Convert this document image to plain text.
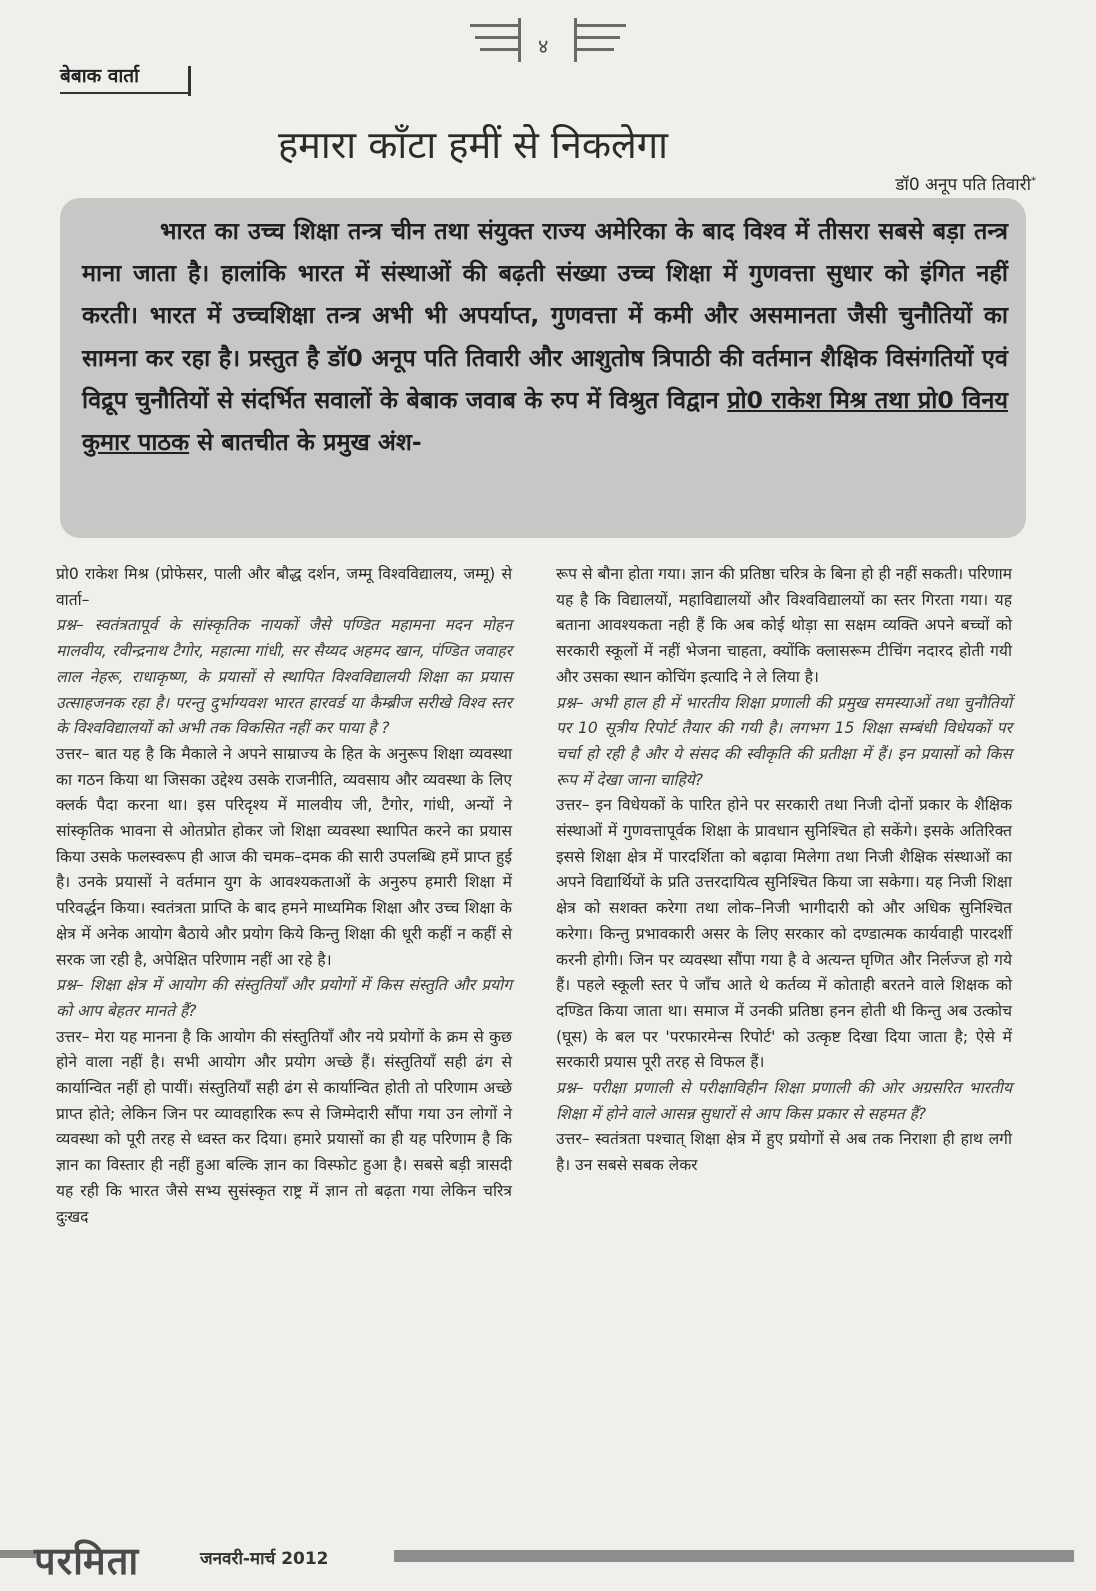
४
बेबाक वार्ता
हमारा काँटा हमीं से निकलेगा
डॉ0 अनूप पति तिवारी*
भारत का उच्च शिक्षा तन्त्र चीन तथा संयुक्त राज्य अमेरिका के बाद विश्व में तीसरा सबसे बड़ा तन्त्र माना जाता है। हालांकि भारत में संस्थाओं की बढ़ती संख्या उच्च शिक्षा में गुणवत्ता सुधार को इंगित नहीं करती। भारत में उच्चशिक्षा तन्त्र अभी भी अपर्याप्त, गुणवत्ता में कमी और असमानता जैसी चुनौतियों का सामना कर रहा है। प्रस्तुत है डॉ0 अनूप पति तिवारी और आशुतोष त्रिपाठी की वर्तमान शैक्षिक विसंगतियों एवं विद्रूप चुनौतियों से संदर्भित सवालों के बेबाक जवाब के रुप में विश्रुत विद्वान प्रो0 राकेश मिश्र तथा प्रो0 विनय कुमार पाठक से बातचीत के प्रमुख अंश-

प्रो0 राकेश मिश्र (प्रोफेसर, पाली और बौद्ध दर्शन, जम्मू विश्वविद्यालय, जम्मू) से वार्ता–

प्रश्न– स्वतंत्रतापूर्व के सांस्कृतिक नायकों जैसे पण्डित महामना मदन मोहन मालवीय, रवीन्द्रनाथ टैगोर, महात्मा गांधी, सर सैय्यद अहमद खान, पंण्डित जवाहर लाल नेहरू, राधाकृष्ण, के प्रयासों से स्थापित विश्वविद्यालयी शिक्षा का प्रयास उत्साहजनक रहा है। परन्तु दुर्भाग्यवश भारत हारवर्ड या कैम्ब्रीज सरीखे विश्व स्तर के विश्वविद्यालयों को अभी तक विकसित नहीं कर पाया है ?

उत्तर– बात यह है कि मैकाले ने अपने साम्राज्य के हित के अनुरूप शिक्षा व्यवस्था का गठन किया था जिसका उद्देश्य उसके राजनीति, व्यवसाय और व्यवस्था के लिए क्लर्क पैदा करना था। इस परिदृश्य में मालवीय जी, टैगोर, गांधी, अन्यों ने सांस्कृतिक भावना से ओतप्रोत होकर जो शिक्षा व्यवस्था स्थापित करने का प्रयास किया उसके फलस्वरूप ही आज की चमक–दमक की सारी उपलब्धि हमें प्राप्त हुई है। उनके प्रयासों ने वर्तमान युग के आवश्यकताओं के अनुरुप हमारी शिक्षा में परिवर्द्धन किया। स्वतंत्रता प्राप्ति के बाद हमने माध्यमिक शिक्षा और उच्च शिक्षा के क्षेत्र में अनेक आयोग बैठाये और प्रयोग किये किन्तु शिक्षा की धूरी कहीं न कहीं से सरक जा रही है, अपेक्षित परिणाम नहीं आ रहे है।

प्रश्न– शिक्षा क्षेत्र में आयोग की संस्तुतियाँ और प्रयोगों में किस संस्तुति और प्रयोग को आप बेहतर मानते हैं?

उत्तर– मेरा यह मानना है कि आयोग की संस्तुतियाँ और नये प्रयोगों के क्रम से कुछ होने वाला नहीं है। सभी आयोग और प्रयोग अच्छे हैं। संस्तुतियाँ सही ढंग से कार्यान्वित नहीं हो पायीं। संस्तुतियाँ सही ढंग से कार्यान्वित होती तो परिणाम अच्छे प्राप्त होते; लेकिन जिन पर व्यावहारिक रूप से जिम्मेदारी सौंपा गया उन लोगों ने व्यवस्था को पूरी तरह से ध्वस्त कर दिया। हमारे प्रयासों का ही यह परिणाम है कि ज्ञान का विस्तार ही नहीं हुआ बल्कि ज्ञान का विस्फोट हुआ है। सबसे बड़ी त्रासदी यह रही कि भारत जैसे सभ्य सुसंस्कृत राष्ट्र में ज्ञान तो बढ़ता गया लेकिन चरित्र दुःखद

रूप से बौना होता गया। ज्ञान की प्रतिष्ठा चरित्र के बिना हो ही नहीं सकती। परिणाम यह है कि विद्यालयों, महाविद्यालयों और विश्वविद्यालयों का स्तर गिरता गया। यह बताना आवश्यकता नही हैं कि अब कोई थोड़ा सा सक्षम व्यक्ति अपने बच्चों को सरकारी स्कूलों में नहीं भेजना चाहता, क्योंकि क्लासरूम टीचिंग नदारद होती गयी और उसका स्थान कोचिंग इत्यादि ने ले लिया है।

प्रश्न– अभी हाल ही में भारतीय शिक्षा प्रणाली की प्रमुख समस्याओं तथा चुनौतियों पर 10 सूत्रीय रिपोर्ट तैयार की गयी है। लगभग 15 शिक्षा सम्बंधी विधेयकों पर चर्चा हो रही है और ये संसद की स्वीकृति की प्रतीक्षा में हैं। इन प्रयासों को किस रूप में देखा जाना चाहिये?

उत्तर– इन विधेयकों के पारित होने पर सरकारी तथा निजी दोनों प्रकार के शैक्षिक संस्थाओं में गुणवत्तापूर्वक शिक्षा के प्रावधान सुनिश्चित हो सकेंगे। इसके अतिरिक्त इससे शिक्षा क्षेत्र में पारदर्शिता को बढ़ावा मिलेगा तथा निजी शैक्षिक संस्थाओं का अपने विद्यार्थियों के प्रति उत्तरदायित्व सुनिश्चित किया जा सकेगा। यह निजी शिक्षा क्षेत्र को सशक्त करेगा तथा लोक–निजी भागीदारी को और अधिक सुनिश्चित करेगा। किन्तु प्रभावकारी असर के लिए सरकार को दण्डात्मक कार्यवाही पारदर्शी करनी होगी। जिन पर व्यवस्था सौंपा गया है वे अत्यन्त घृणित और निर्लज्ज हो गये हैं। पहले स्कूली स्तर पे जाँच आते थे कर्तव्य में कोताही बरतने वाले शिक्षक को दण्डित किया जाता था। समाज में उनकी प्रतिष्ठा हनन होती थी किन्तु अब उत्कोच (घूस) के बल पर 'परफारमेन्स रिपोर्ट' को उत्कृष्ट दिखा दिया जाता है; ऐसे में सरकारी प्रयास पूरी तरह से विफल हैं।

प्रश्न– परीक्षा प्रणाली से परीक्षाविहीन शिक्षा प्रणाली की ओर अग्रसरित भारतीय शिक्षा में होने वाले आसन्न सुधारों से आप किस प्रकार से सहमत हैं?

उत्तर– स्वतंत्रता पश्चात् शिक्षा क्षेत्र में हुए प्रयोगों से अब तक निराशा ही हाथ लगी है। उन सबसे सबक लेकर

परमिता	जनवरी-मार्च 2012
